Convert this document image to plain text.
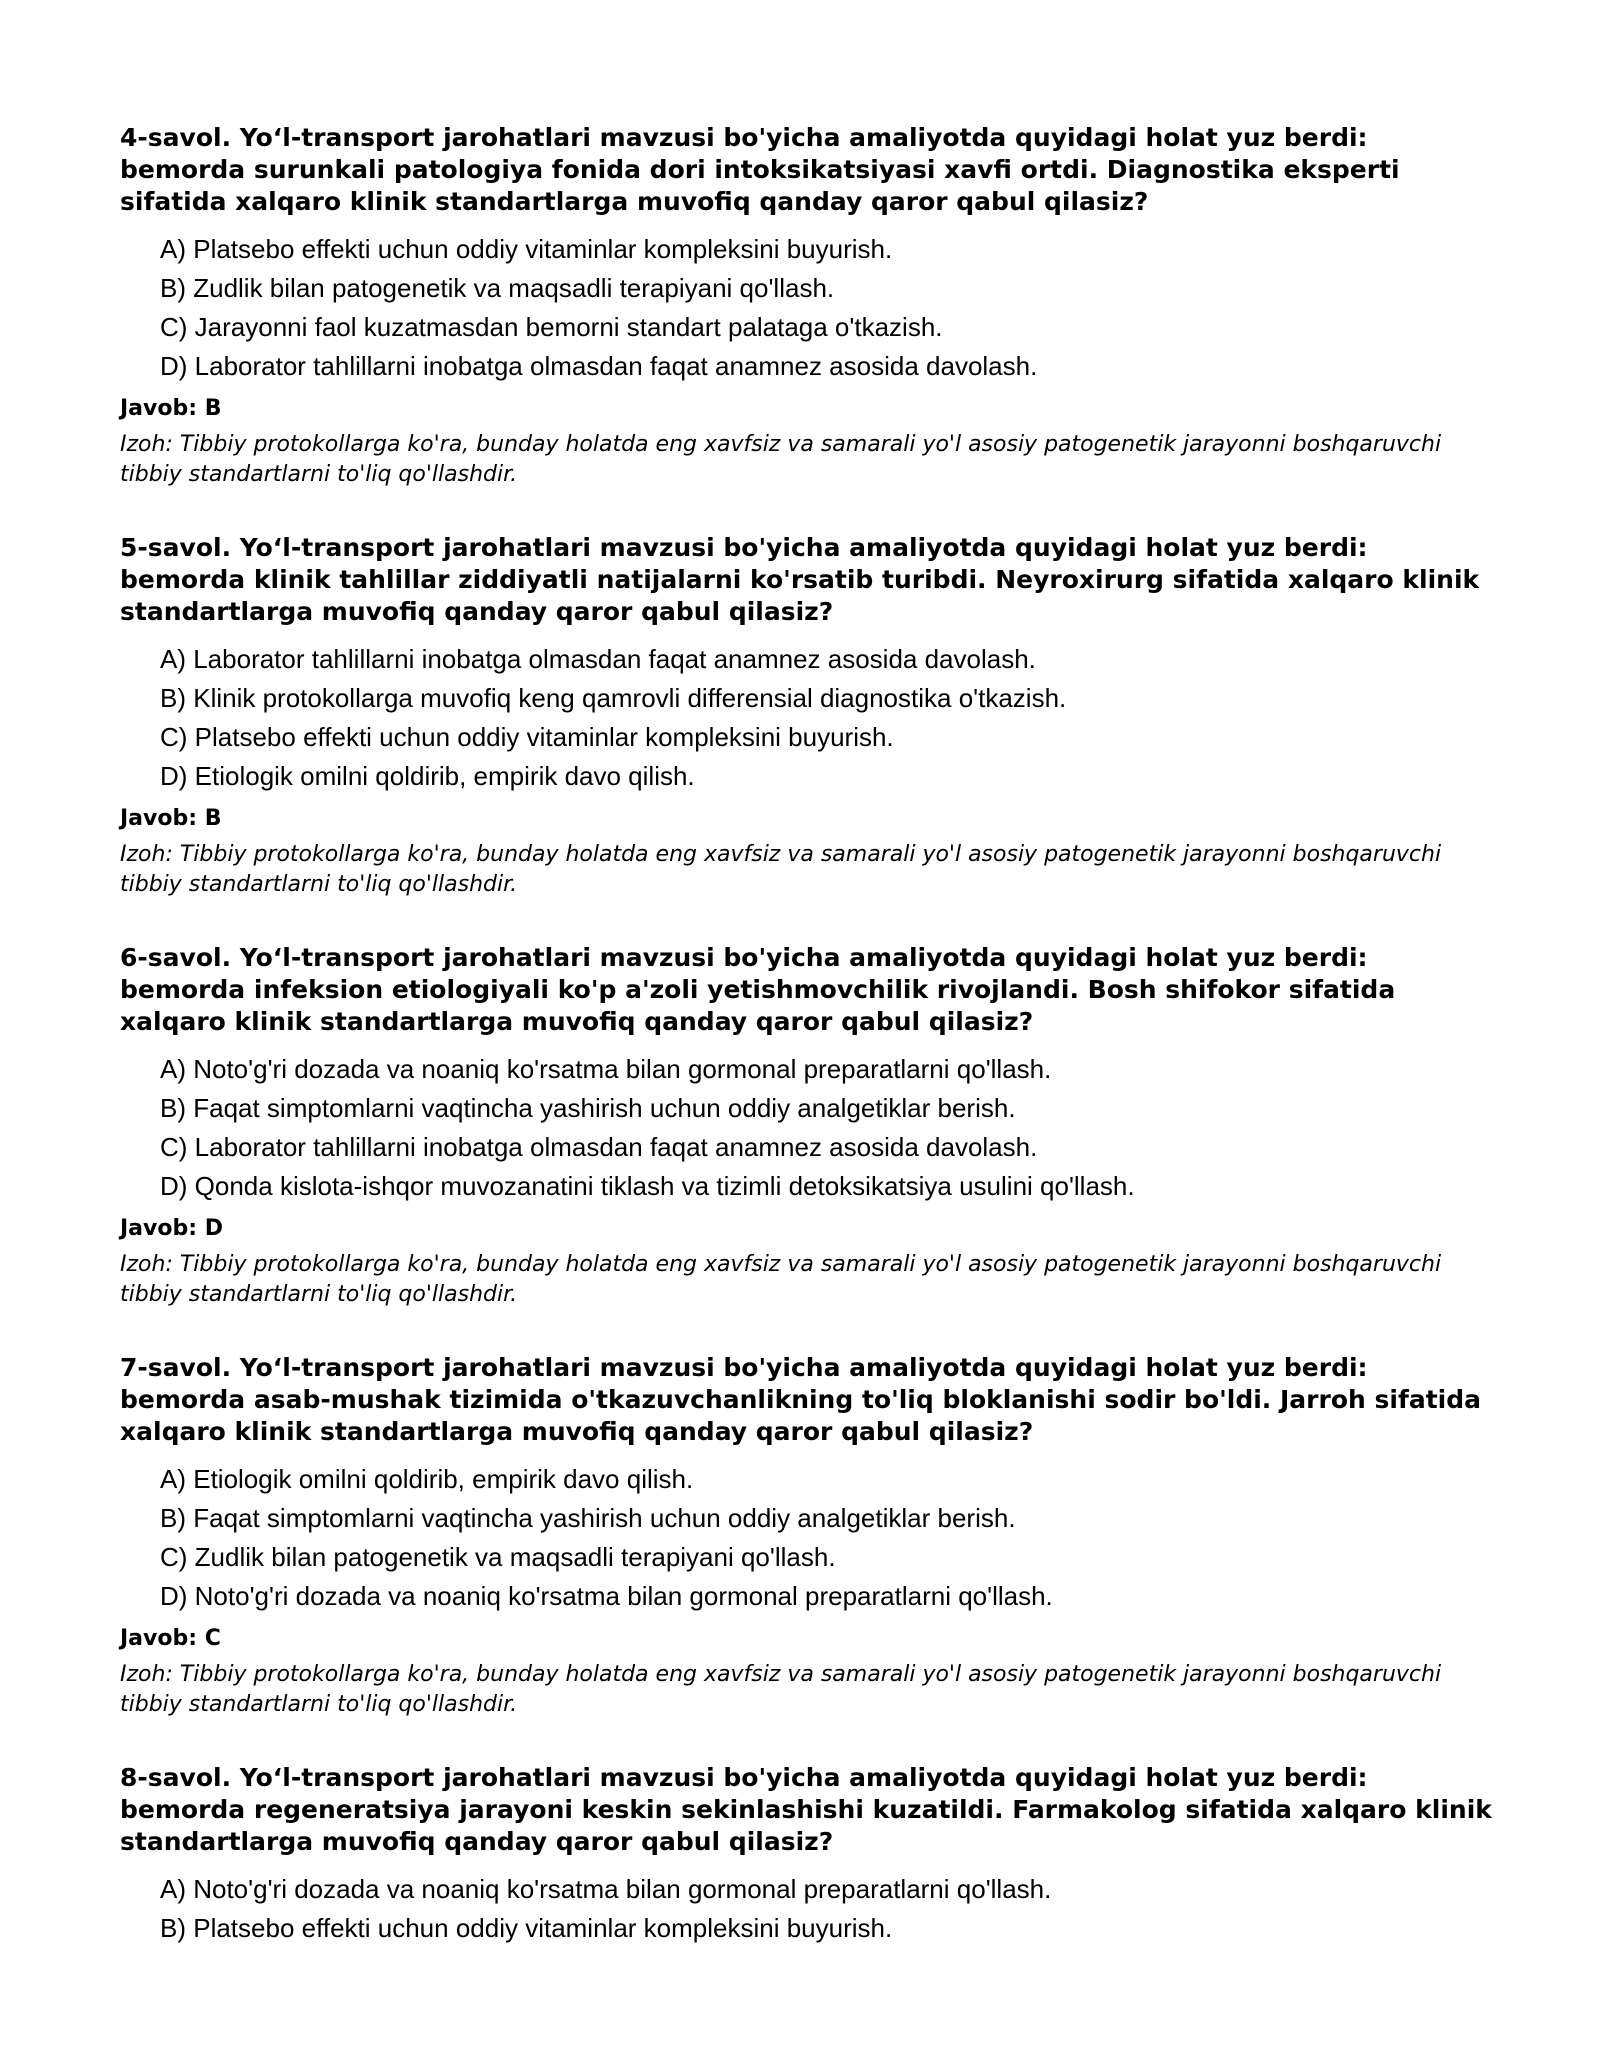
4-savol. Yo‘l-transport jarohatlari mavzusi bo'yicha amaliyotda quyidagi holat yuz berdi: bemorda surunkali patologiya fonida dori intoksikatsiyasi xavfi ortdi. Diagnostika eksperti sifatida xalqaro klinik standartlarga muvofiq qanday qaror qabul qilasiz?

A) Platsebo effekti uchun oddiy vitaminlar kompleksini buyurish.
B) Zudlik bilan patogenetik va maqsadli terapiyani qo'llash.
C) Jarayonni faol kuzatmasdan bemorni standart palataga o'tkazish.
D) Laborator tahlillarni inobatga olmasdan faqat anamnez asosida davolash.

Javob: B

Izoh: Tibbiy protokollarga ko'ra, bunday holatda eng xavfsiz va samarali yo'l asosiy patogenetik jarayonni boshqaruvchi tibbiy standartlarni to'liq qo'llashdir.

5-savol. Yo‘l-transport jarohatlari mavzusi bo'yicha amaliyotda quyidagi holat yuz berdi: bemorda klinik tahlillar ziddiyatli natijalarni ko'rsatib turibdi. Neyroxirurg sifatida xalqaro klinik standartlarga muvofiq qanday qaror qabul qilasiz?

A) Laborator tahlillarni inobatga olmasdan faqat anamnez asosida davolash.
B) Klinik protokollarga muvofiq keng qamrovli differensial diagnostika o'tkazish.
C) Platsebo effekti uchun oddiy vitaminlar kompleksini buyurish.
D) Etiologik omilni qoldirib, empirik davo qilish.

Javob: B

Izoh: Tibbiy protokollarga ko'ra, bunday holatda eng xavfsiz va samarali yo'l asosiy patogenetik jarayonni boshqaruvchi tibbiy standartlarni to'liq qo'llashdir.

6-savol. Yo‘l-transport jarohatlari mavzusi bo'yicha amaliyotda quyidagi holat yuz berdi: bemorda infeksion etiologiyali ko'p a'zoli yetishmovchilik rivojlandi. Bosh shifokor sifatida xalqaro klinik standartlarga muvofiq qanday qaror qabul qilasiz?

A) Noto'g'ri dozada va noaniq ko'rsatma bilan gormonal preparatlarni qo'llash.
B) Faqat simptomlarni vaqtincha yashirish uchun oddiy analgetiklar berish.
C) Laborator tahlillarni inobatga olmasdan faqat anamnez asosida davolash.
D) Qonda kislota-ishqor muvozanatini tiklash va tizimli detoksikatsiya usulini qo'llash.

Javob: D

Izoh: Tibbiy protokollarga ko'ra, bunday holatda eng xavfsiz va samarali yo'l asosiy patogenetik jarayonni boshqaruvchi tibbiy standartlarni to'liq qo'llashdir.

7-savol. Yo‘l-transport jarohatlari mavzusi bo'yicha amaliyotda quyidagi holat yuz berdi: bemorda asab-mushak tizimida o'tkazuvchanlikning to'liq bloklanishi sodir bo'ldi. Jarroh sifatida xalqaro klinik standartlarga muvofiq qanday qaror qabul qilasiz?

A) Etiologik omilni qoldirib, empirik davo qilish.
B) Faqat simptomlarni vaqtincha yashirish uchun oddiy analgetiklar berish.
C) Zudlik bilan patogenetik va maqsadli terapiyani qo'llash.
D) Noto'g'ri dozada va noaniq ko'rsatma bilan gormonal preparatlarni qo'llash.

Javob: C

Izoh: Tibbiy protokollarga ko'ra, bunday holatda eng xavfsiz va samarali yo'l asosiy patogenetik jarayonni boshqaruvchi tibbiy standartlarni to'liq qo'llashdir.

8-savol. Yo‘l-transport jarohatlari mavzusi bo'yicha amaliyotda quyidagi holat yuz berdi: bemorda regeneratsiya jarayoni keskin sekinlashishi kuzatildi. Farmakolog sifatida xalqaro klinik standartlarga muvofiq qanday qaror qabul qilasiz?

A) Noto'g'ri dozada va noaniq ko'rsatma bilan gormonal preparatlarni qo'llash.
B) Platsebo effekti uchun oddiy vitaminlar kompleksini buyurish.
